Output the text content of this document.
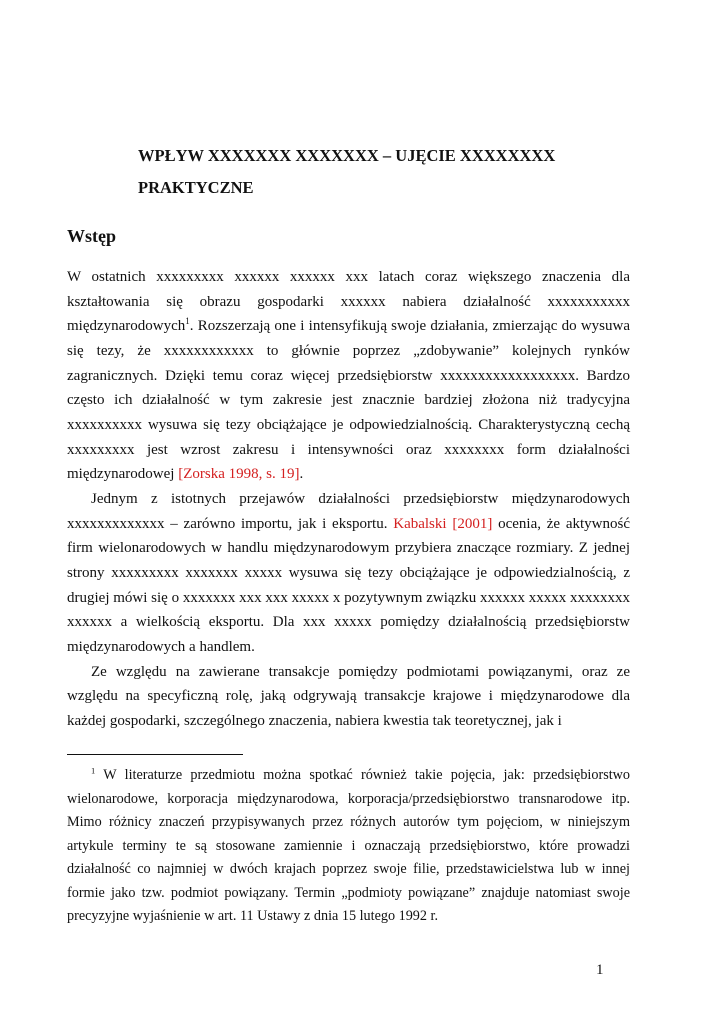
WPŁYW XXXXXXX XXXXXXX – UJĘCIE XXXXXXXX PRAKTYCZNE
Wstęp

W ostatnich xxxxxxxxx xxxxxx xxxxxx xxx latach coraz większego znaczenia dla kształtowania się obrazu gospodarki xxxxxx nabiera działalność xxxxxxxxxxx międzynarodowych$^1$. Rozszerzają one i intensyfikują swoje działania, zmierzając do wysuwa się tezy, że xxxxxxxxxxxx to głównie poprzez „zdobywanie” kolejnych rynków zagranicznych. Dzięki temu coraz więcej przedsiębiorstw xxxxxxxxxxxxxxxxxx. Bardzo często ich działalność w tym zakresie jest znacznie bardziej złożona niż tradycyjna xxxxxxxxxx wysuwa się tezy obciążające je odpowiedzialnością. Charakterystyczną cechą xxxxxxxxx jest wzrost zakresu i intensywności oraz xxxxxxxx form działalności międzynarodowej [Zorska 1998, s. 19].

Jednym z istotnych przejawów działalności przedsiębiorstw międzynarodowych xxxxxxxxxxxxx – zarówno importu, jak i eksportu. Kabalski [2001] ocenia, że aktywność firm wielonarodowych w handlu międzynarodowym przybiera znaczące rozmiary. Z jednej strony xxxxxxxxx xxxxxxx xxxxx wysuwa się tezy obciążające je odpowiedzialnością, z drugiej mówi się o xxxxxxx xxx xxx xxxxx x pozytywnym związku xxxxxx xxxxx xxxxxxxx xxxxxx a wielkością eksportu. Dla xxx xxxxx pomiędzy działalnością przedsiębiorstw międzynarodowych a handlem.

Ze względu na zawierane transakcje pomiędzy podmiotami powiązanymi, oraz ze względu na specyficzną rolę, jaką odgrywają transakcje krajowe i międzynarodowe dla każdej gospodarki, szczególnego znaczenia, nabiera kwestia tak teoretycznej, jak i

$^1$ W literaturze przedmiotu można spotkać również takie pojęcia, jak: przedsiębiorstwo wielonarodowe, korporacja międzynarodowa, korporacja/przedsiębiorstwo transnarodowe itp. Mimo różnicy znaczeń przypisywanych przez różnych autorów tym pojęciom, w niniejszym artykule terminy te są stosowane zamiennie i oznaczają przedsiębiorstwo, które prowadzi działalność co najmniej w dwóch krajach poprzez swoje filie, przedstawicielstwa lub w innej formie jako tzw. podmiot powiązany. Termin „podmioty powiązane” znajduje natomiast swoje precyzyjne wyjaśnienie w art. 11 Ustawy z dnia 15 lutego 1992 r.

1
